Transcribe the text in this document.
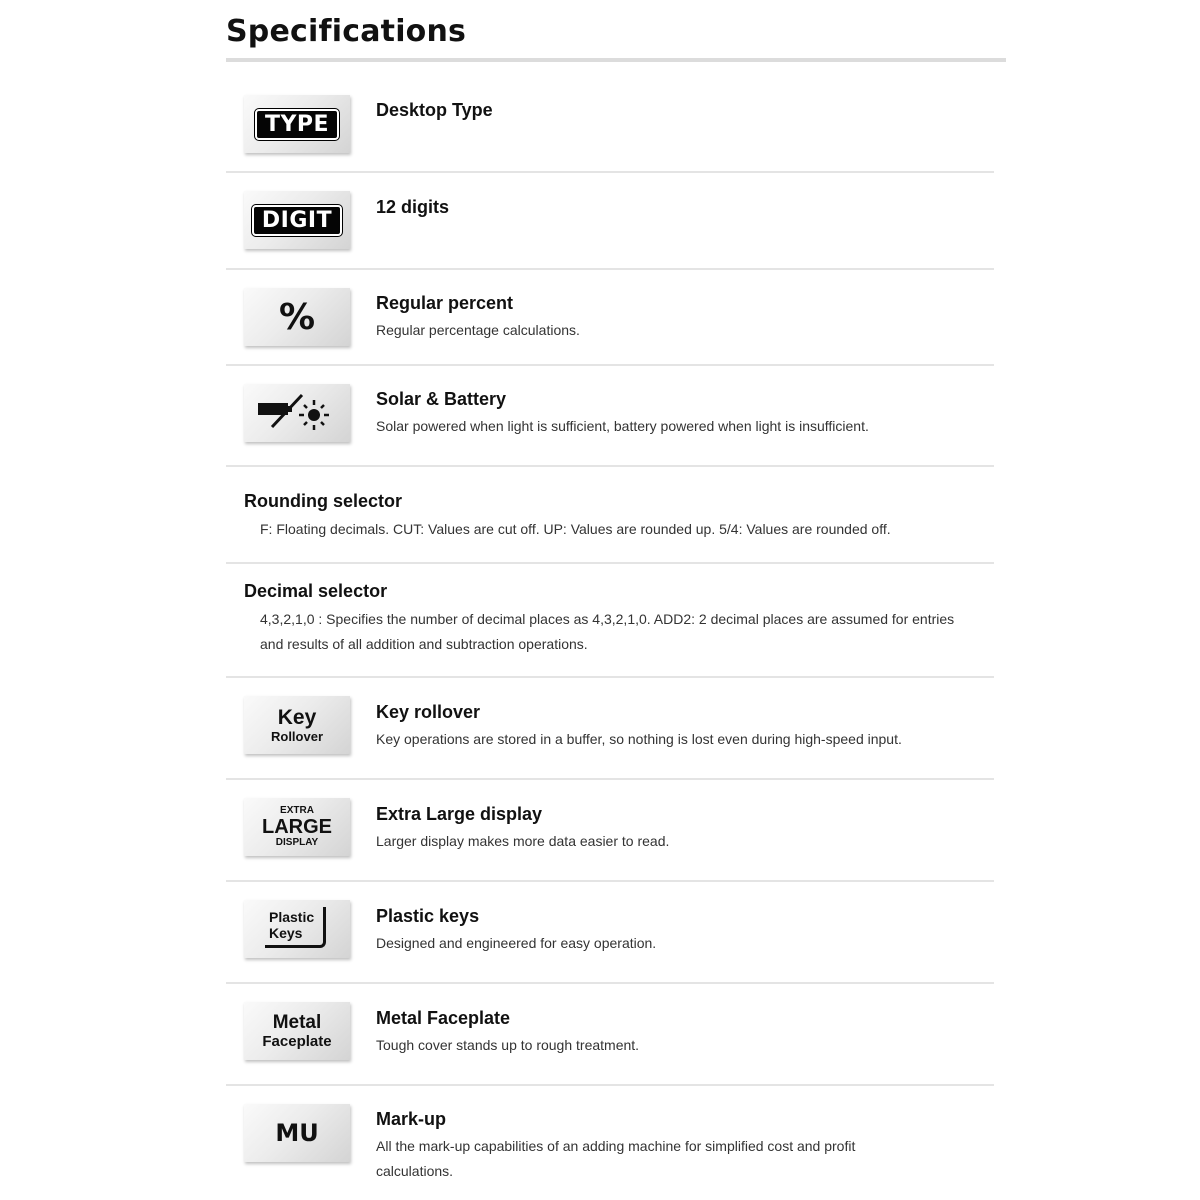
Specifications
TYPE
Desktop Type
DIGIT
12 digits
%	Regular percent
Regular percentage calculations.
Solar & Battery
Solar powered when light is sufficient, battery powered when light is insufficient.
Rounding selector
F: Floating decimals. CUT: Values are cut off. UP: Values are rounded up. 5/4: Values are rounded off.
Decimal selector
4,3,2,1,0 : Specifies the number of decimal places as 4,3,2,1,0. ADD2: 2 decimal places are assumed for entries and results of all addition and subtraction operations.
Key
Rollover
Key rollover
Key operations are stored in a buffer, so nothing is lost even during high-speed input.
EXTRA
LARGE
DISPLAY
Extra Large display
Larger display makes more data easier to read.
Plastic
Keys
Plastic keys
Designed and engineered for easy operation.
Metal
Faceplate
Metal Faceplate
Tough cover stands up to rough treatment.
MU	Mark-up
All the mark-up capabilities of an adding machine for simplified cost and profit calculations.
